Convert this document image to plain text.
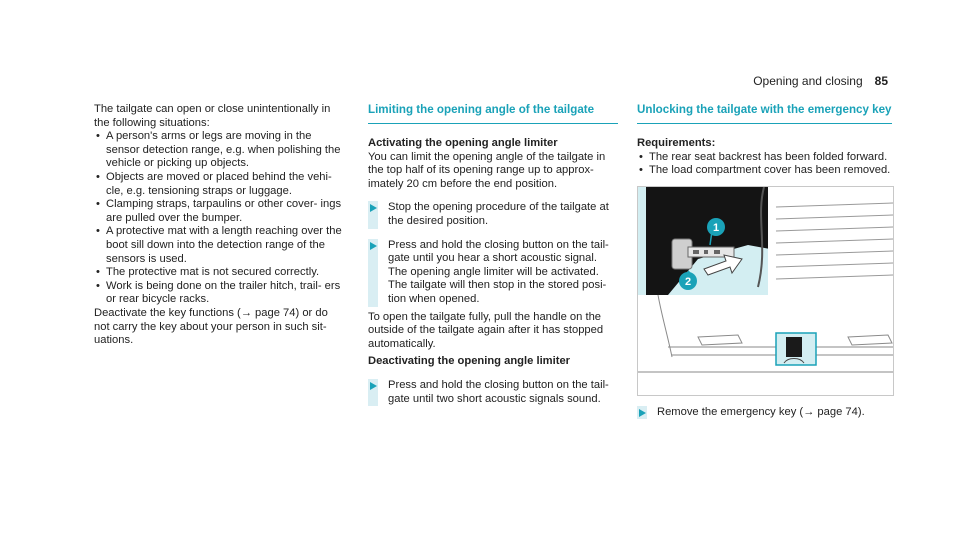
Opening and closing 85

The tailgate can open or close unintentionally in the following situations:

• A person's arms or legs are moving in the sensor detection range, e.g. when polishing the vehicle or picking up objects.
• Objects are moved or placed behind the vehi- cle, e.g. tensioning straps or luggage.
• Clamping straps, tarpaulins or other cover- ings are pulled over the bumper.
• A protective mat with a length reaching over the boot sill down into the detection range of the sensors is used.
• The protective mat is not secured correctly.
• Work is being done on the trailer hitch, trail- ers or rear bicycle racks.

Deactivate the key functions (→ page 74) or do not carry the key about your person in such sit- uations.

Limiting the opening angle of the tailgate

Activating the opening angle limiter

You can limit the opening angle of the tailgate in the top half of its opening range up to approx- imately 20 cm before the end position.

Stop the opening procedure of the tailgate at the desired position.
Press and hold the closing button on the tail- gate until you hear a short acoustic signal. The opening angle limiter will be activated. The tailgate will then stop in the stored posi- tion when opened.

To open the tailgate fully, pull the handle on the outside of the tailgate again after it has stopped automatically.

Deactivating the opening angle limiter

Press and hold the closing button on the tail- gate until two short acoustic signals sound.
Unlocking the tailgate with the emergency key

Requirements:

• The rear seat backrest has been folded forward.
• The load compartment cover has been removed.
1
2
Remove the emergency key (→ page 74).
